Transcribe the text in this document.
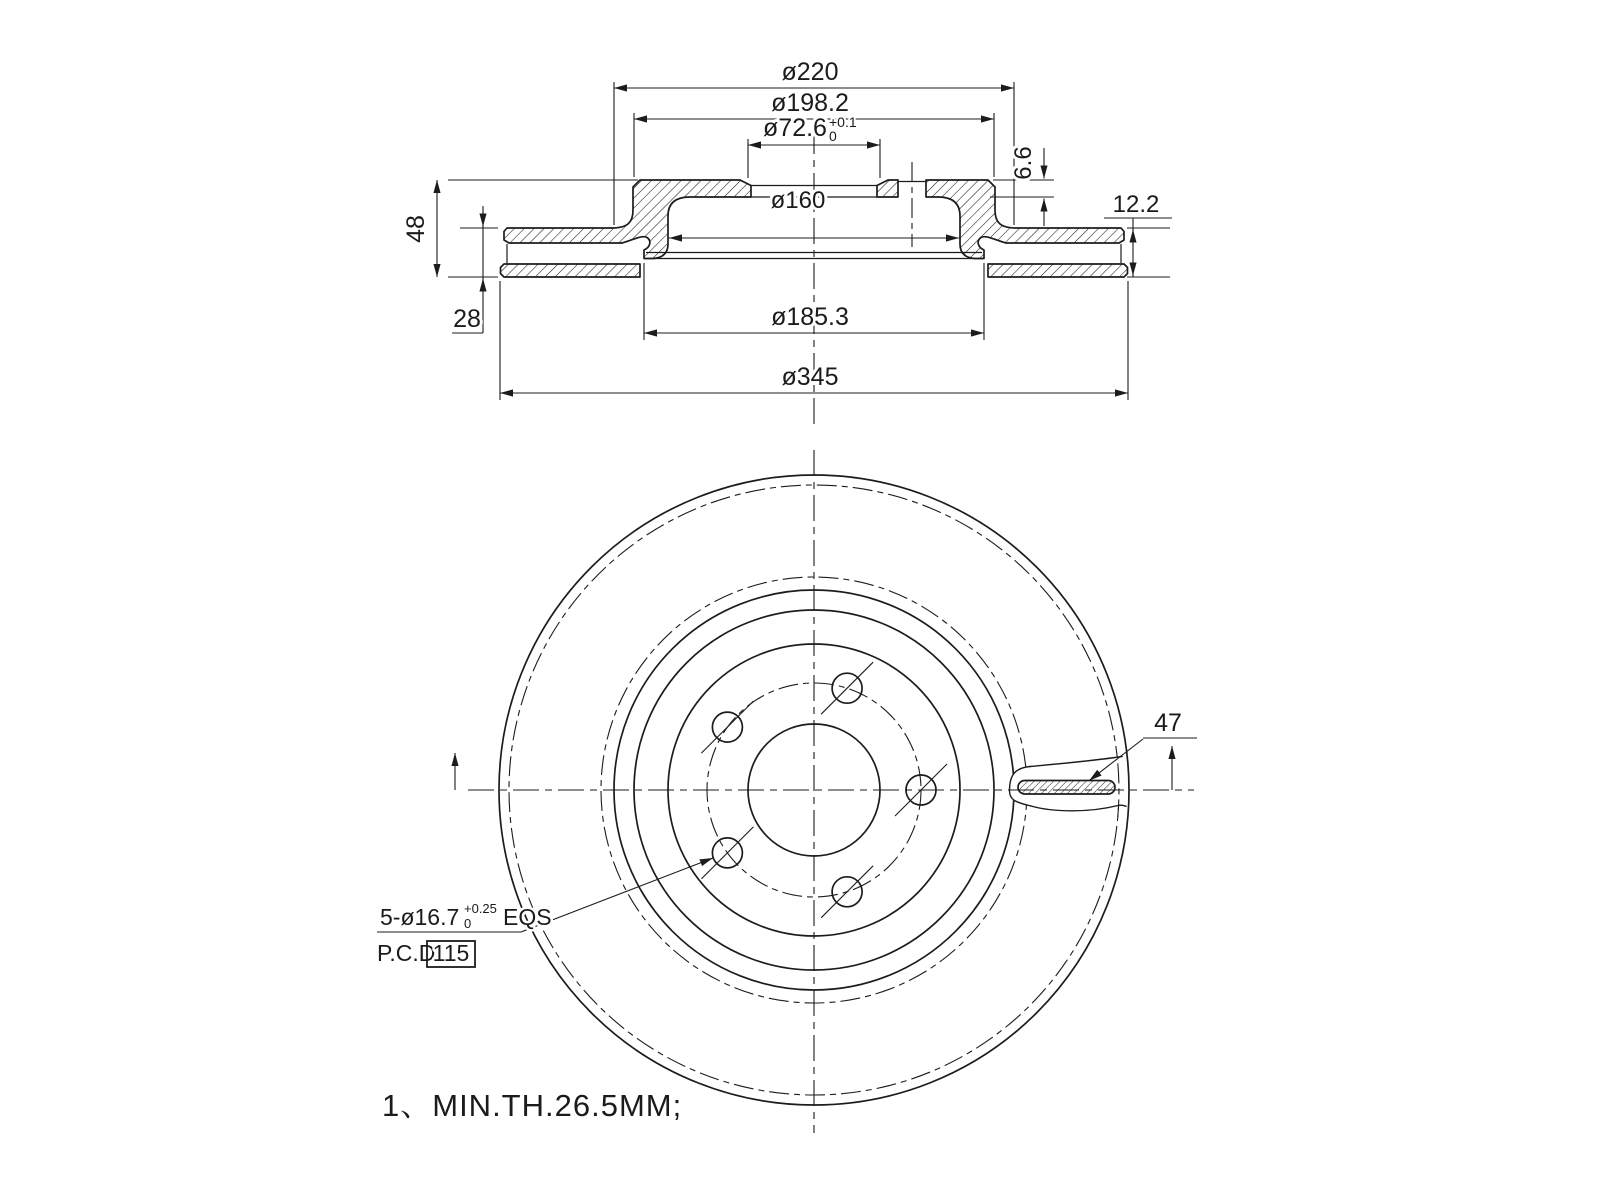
ø220
ø198.2
ø72.6 +0.1
0
ø160
ø185.3
ø345
48
28
6.6
12.2
47
5-ø16.7 +0.25
0 EQS
P.C.D.
115
1、MIN.TH.26.5MM;
